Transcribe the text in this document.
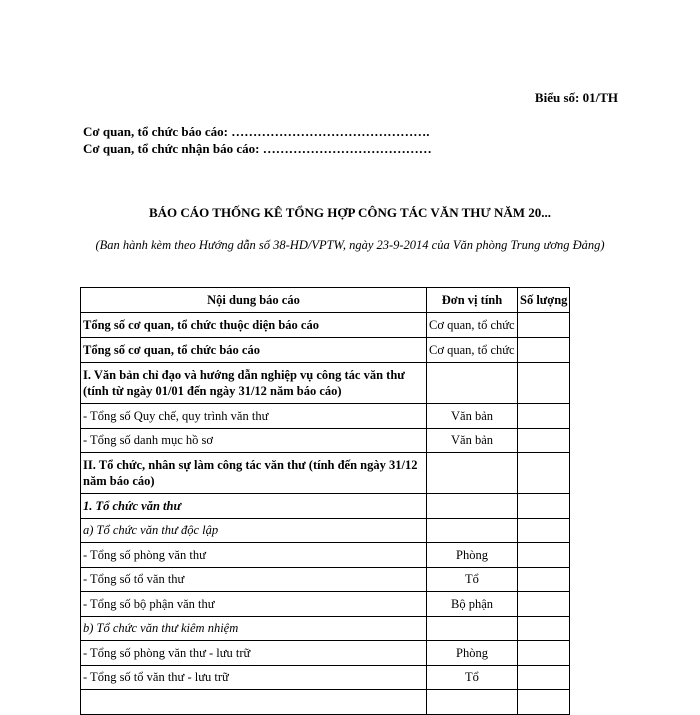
Biểu số: 01/TH
Cơ quan, tổ chức báo cáo: ……………………………………….
Cơ quan, tổ chức nhận báo cáo: …………………………………
BÁO CÁO THỐNG KÊ TỔNG HỢP CÔNG TÁC VĂN THƯ NĂM 20...
(Ban hành kèm theo Hướng dẫn số 38-HD/VPTW, ngày 23-9-2014 của Văn phòng Trung ương Đảng)
Nội dung báo cáo	Đơn vị tính	Số lượng
Tổng số cơ quan, tổ chức thuộc diện báo cáo	Cơ quan, tổ chức	
Tổng số cơ quan, tổ chức báo cáo	Cơ quan, tổ chức	
I. Văn bản chỉ đạo và hướng dẫn nghiệp vụ công tác văn thư (tính từ ngày 01/01 đến ngày 31/12 năm báo cáo)		
- Tổng số Quy chế, quy trình văn thư	Văn bản	
- Tổng số danh mục hồ sơ	Văn bản	
II. Tổ chức, nhân sự làm công tác văn thư (tính đến ngày 31/12 năm báo cáo)		
1. Tổ chức văn thư		
a) Tổ chức văn thư độc lập		
- Tổng số phòng văn thư	Phòng	
- Tổng số tổ văn thư	Tổ	
- Tổng số bộ phận văn thư	Bộ phận	
b) Tổ chức văn thư kiêm nhiệm		
- Tổng số phòng văn thư - lưu trữ	Phòng	
- Tổng số tổ văn thư - lưu trữ	Tổ	
